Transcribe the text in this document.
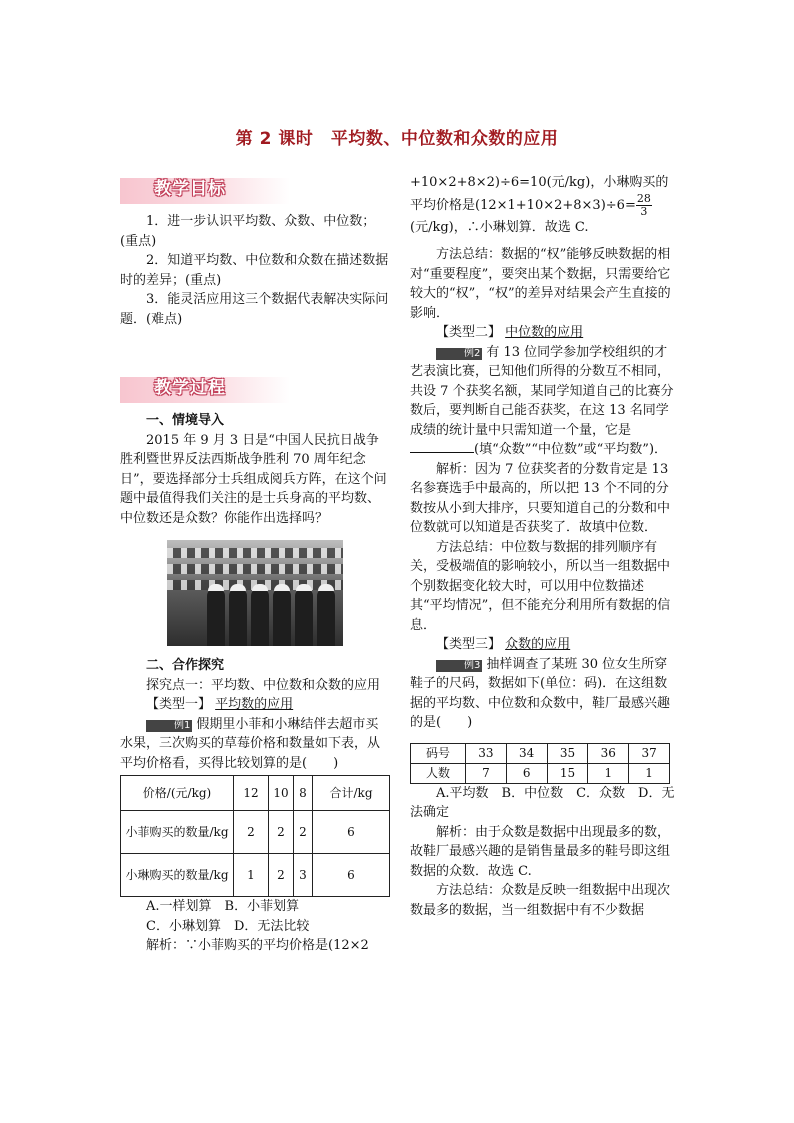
第 2 课时　平均数、中位数和众数的应用
教学目标

1．进一步认识平均数、众数、中位数；(重点)

2．知道平均数、中位数和众数在描述数据时的差异；(重点)

3．能灵活应用这三个数据代表解决实际问题．(难点)

教学过程

一、情境导入

2015 年 9 月 3 日是“中国人民抗日战争胜利暨世界反法西斯战争胜利 70 周年纪念日”，要选择部分士兵组成阅兵方阵，在这个问题中最值得我们关注的是士兵身高的平均数、中位数还是众数？你能作出选择吗？

二、合作探究

探究点一：平均数、中位数和众数的应用

【类型一】 平均数的应用

例1 假期里小菲和小琳结伴去超市买水果，三次购买的草莓价格和数量如下表，从平均价格看，买得比较划算的是(　　)

价格/(元/kg)	12	10	8	合计/kg
小菲购买的数量/kg	2	2	2	6
小琳购买的数量/kg	1	2	3	6

A.一样划算　B．小菲划算

C．小琳划算　D．无法比较

解析：∵小菲购买的平均价格是(12×2

+10×2+8×2)÷6=10(元/kg)，小琳购买的平均价格是$(12\times 1+10\times 2+8\times 3)\div 6= \frac{28}{3}$
(元/kg)，∴小琳划算．故选 C.

方法总结：数据的“权”能够反映数据的相对“重要程度”，要突出某个数据，只需要给它较大的“权”，“权”的差异对结果会产生直接的影响．

【类型二】 中位数的应用

例2 有 13 位同学参加学校组织的才艺表演比赛，已知他们所得的分数互不相同，共设 7 个获奖名额，某同学知道自己的比赛分数后，要判断自己能否获奖，在这 13 名同学成绩的统计量中只需知道一个量，它是(填“众数”“中位数”或“平均数”)．

解析：因为 7 位获奖者的分数肯定是 13 名参赛选手中最高的，所以把 13 个不同的分数按从小到大排序，只要知道自己的分数和中位数就可以知道是否获奖了．故填中位数．

方法总结：中位数与数据的排列顺序有关，受极端值的影响较小，所以当一组数据中个别数据变化较大时，可以用中位数描述其“平均情况”，但不能充分利用所有数据的信息．

【类型三】 众数的应用

例3 抽样调查了某班 30 位女生所穿鞋子的尺码，数据如下(单位：码)．在这组数据的平均数、中位数和众数中，鞋厂最感兴趣的是(　　)

码号	33	34	35	36	37
人数	7	6	15	1	1

A.平均数　B．中位数　C．众数　D．无法确定

解析：由于众数是数据中出现最多的数，故鞋厂最感兴趣的是销售量最多的鞋号即这组数据的众数．故选 C.

方法总结：众数是反映一组数据中出现次数最多的数据，当一组数据中有不少数据
